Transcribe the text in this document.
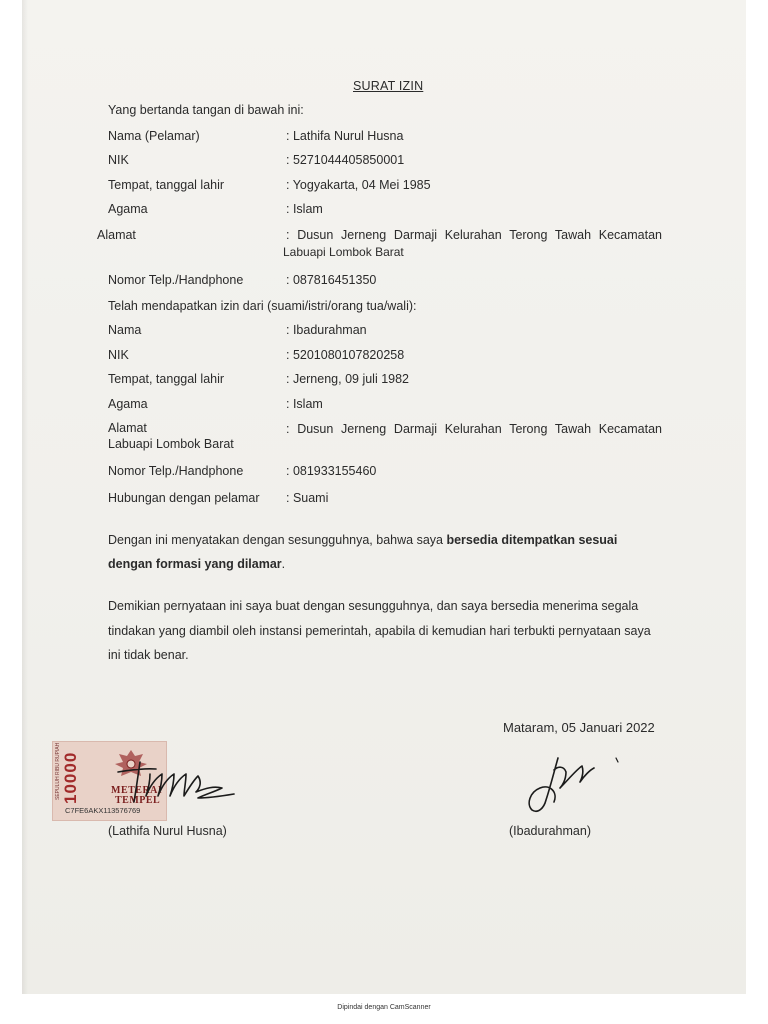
SURAT IZIN
Yang bertanda tangan di bawah ini:
Nama (Pelamar)	: Lathifa Nurul Husna
NIK	: 5271044405850001
Tempat, tanggal lahir	: Yogyakarta, 04 Mei 1985
Agama	: Islam
Alamat	: Dusun Jerneng Darmaji Kelurahan Terong Tawah Kecamatan
Labuapi Lombok Barat
Nomor Telp./Handphone	: 087816451350
Telah mendapatkan izin dari (suami/istri/orang tua/wali):
Nama	: Ibadurahman
NIK	: 5201080107820258
Tempat, tanggal lahir	: Jerneng, 09 juli 1982
Agama	: Islam
Alamat	: Dusun Jerneng Darmaji Kelurahan Terong Tawah Kecamatan
Labuapi Lombok Barat
Nomor Telp./Handphone	: 081933155460
Hubungan dengan pelamar : Suami
Dengan ini menyatakan dengan sesungguhnya, bahwa saya bersedia ditempatkan sesuai
dengan formasi yang dilamar.
Demikian pernyataan ini saya buat dengan sesungguhnya, dan saya bersedia menerima segala
tindakan yang diambil oleh instansi pemerintah, apabila di kemudian hari terbukti pernyataan saya
ini tidak benar.
Mataram, 05 Januari 2022
SEPULUH RIBU RUPIAH 10000	METERAI
TEMPEL
C7FE6AKX113576769
(Lathifa Nurul Husna)	(Ibadurahman)
Dipindai dengan CamScanner
